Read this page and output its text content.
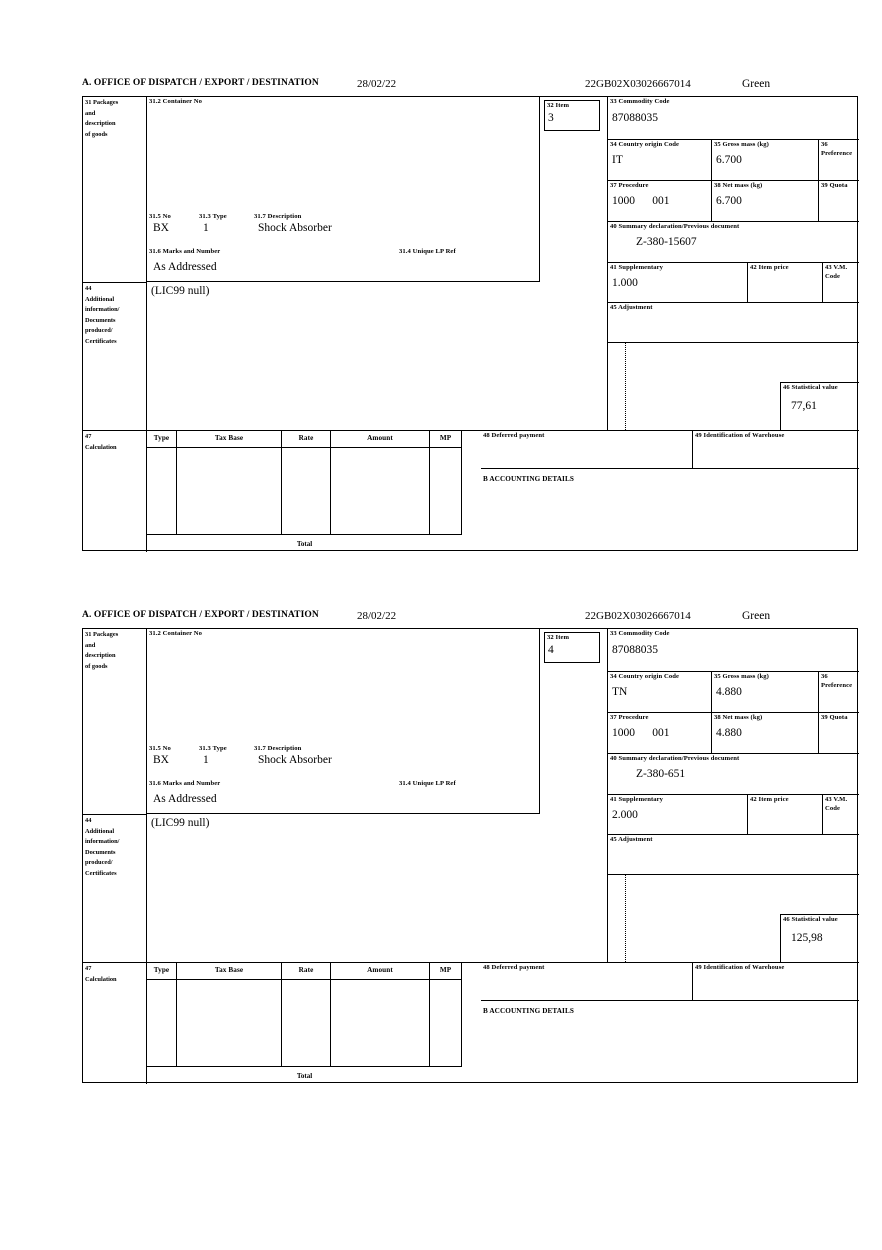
A. OFFICE OF DISPATCH / EXPORT / DESTINATION	28/02/22	22GB02X03026667014	Green
31 Packages
and
description
of goods
31.2 Container No
31.5 No	31.3 Type	31.7 Description
BX	1	Shock Absorber
31.6 Marks and Number	31.4 Unique LP Ref
As Addressed
32 Item
3
33 Commodity Code
87088035
34 Country origin Code
IT
35 Gross mass (kg)
6.700
36 Preference
37 Procedure
1000      001
38 Net mass (kg)
6.700
39 Quota
40 Summary declaration/Previous document
Z-380-15607
41 Supplementary
1.000
42 Item price	43 V.M. Code
44
Additional
information/
Documents
produced/
Certificates
(LIC99 null)
45 Adjustment
46 Statistical value
77,61
47
Calculation
Type	Tax Base	Rate	Amount	MP
Total
48 Deferred payment	49 Identification of Warehouse
B ACCOUNTING DETAILS
A. OFFICE OF DISPATCH / EXPORT / DESTINATION	28/02/22	22GB02X03026667014	Green
31 Packages
and
description
of goods
31.2 Container No
31.5 No	31.3 Type	31.7 Description
BX	1	Shock Absorber
31.6 Marks and Number	31.4 Unique LP Ref
As Addressed
32 Item
4
33 Commodity Code
87088035
34 Country origin Code
TN
35 Gross mass (kg)
4.880
36 Preference
37 Procedure
1000      001
38 Net mass (kg)
4.880
39 Quota
40 Summary declaration/Previous document
Z-380-651
41 Supplementary
2.000
42 Item price	43 V.M. Code
44
Additional
information/
Documents
produced/
Certificates
(LIC99 null)
45 Adjustment
46 Statistical value
125,98
47
Calculation
Type	Tax Base	Rate	Amount	MP
Total
48 Deferred payment	49 Identification of Warehouse
B ACCOUNTING DETAILS
